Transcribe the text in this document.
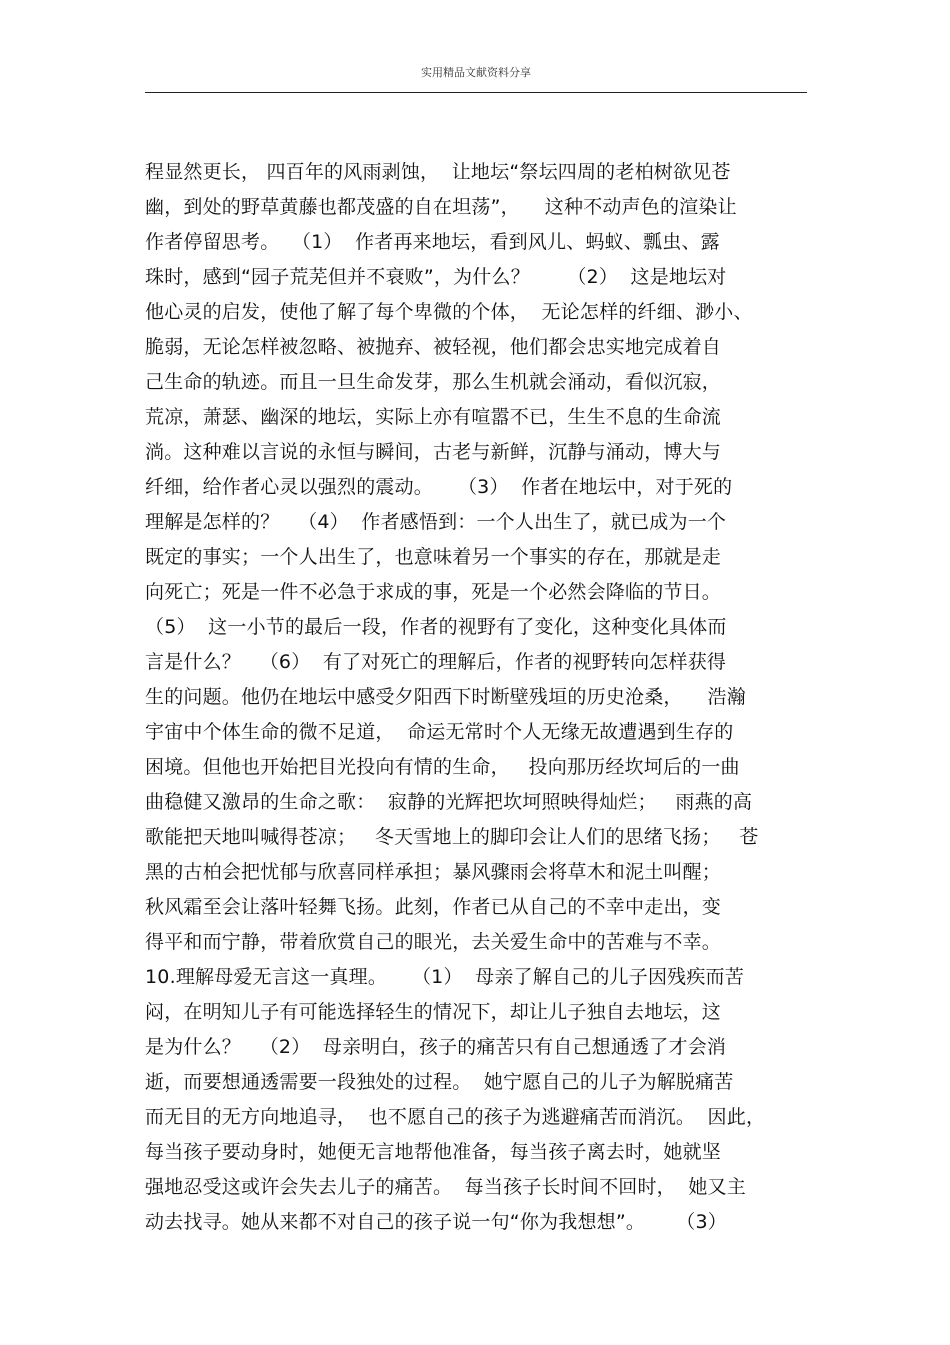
实用精品文献资料分享
程显然更长， 四百年的风雨剥蚀，  让地坛“祭坛四周的老柏树欲见苍
幽，到处的野草黄藤也都茂盛的自在坦荡”，    这种不动声色的渲染让
作者停留思考。  （1）  作者再来地坛，看到风儿、蚂蚁、瓢虫、露
珠时，感到“园子荒芜但并不衰败”，为什么？      （2）  这是地坛对
他心灵的启发，使他了解了每个卑微的个体，  无论怎样的纤细、渺小、
脆弱，无论怎样被忽略、被抛弃、被轻视，他们都会忠实地完成着自
己生命的轨迹。而且一旦生命发芽，那么生机就会涌动，看似沉寂，
荒凉，萧瑟、幽深的地坛，实际上亦有喧嚣不已，生生不息的生命流
淌。这种难以言说的永恒与瞬间，古老与新鲜，沉静与涌动，博大与
纤细，给作者心灵以强烈的震动。    （3）  作者在地坛中，对于死的
理解是怎样的？   （4）  作者感悟到：一个人出生了，就已成为一个
既定的事实；一个人出生了，也意味着另一个事实的存在，那就是走
向死亡；死是一件不必急于求成的事，死是一个必然会降临的节日。
（5）  这一小节的最后一段，作者的视野有了变化，这种变化具体而
言是什么？   （6）  有了对死亡的理解后，作者的视野转向怎样获得
生的问题。他仍在地坛中感受夕阳西下时断壁残垣的历史沧桑，    浩瀚
宇宙中个体生命的微不足道，  命运无常时个人无缘无故遭遇到生存的
困境。但他也开始把目光投向有情的生命，   投向那历经坎坷后的一曲
曲稳健又激昂的生命之歌：  寂静的光辉把坎坷照映得灿烂；   雨燕的高
歌能把天地叫喊得苍凉；   冬天雪地上的脚印会让人们的思绪飞扬；   苍
黑的古柏会把忧郁与欣喜同样承担；暴风骤雨会将草木和泥土叫醒；
秋风霜至会让落叶轻舞飞扬。此刻，作者已从自己的不幸中走出，变
得平和而宁静，带着欣赏自己的眼光，去关爱生命中的苦难与不幸。
10.理解母爱无言这一真理。    （1）  母亲了解自己的儿子因残疾而苦
闷，在明知儿子有可能选择轻生的情况下，却让儿子独自去地坛，这
是为什么？   （2）  母亲明白，孩子的痛苦只有自己想通透了才会消
逝，而要想通透需要一段独处的过程。  她宁愿自己的儿子为解脱痛苦
而无目的无方向地追寻，  也不愿自己的孩子为逃避痛苦而消沉。  因此，
每当孩子要动身时，她便无言地帮他准备，每当孩子离去时，她就坚
强地忍受这或许会失去儿子的痛苦。  每当孩子长时间不回时，  她又主
动去找寻。她从来都不对自己的孩子说一句“你为我想想”。     （3）
